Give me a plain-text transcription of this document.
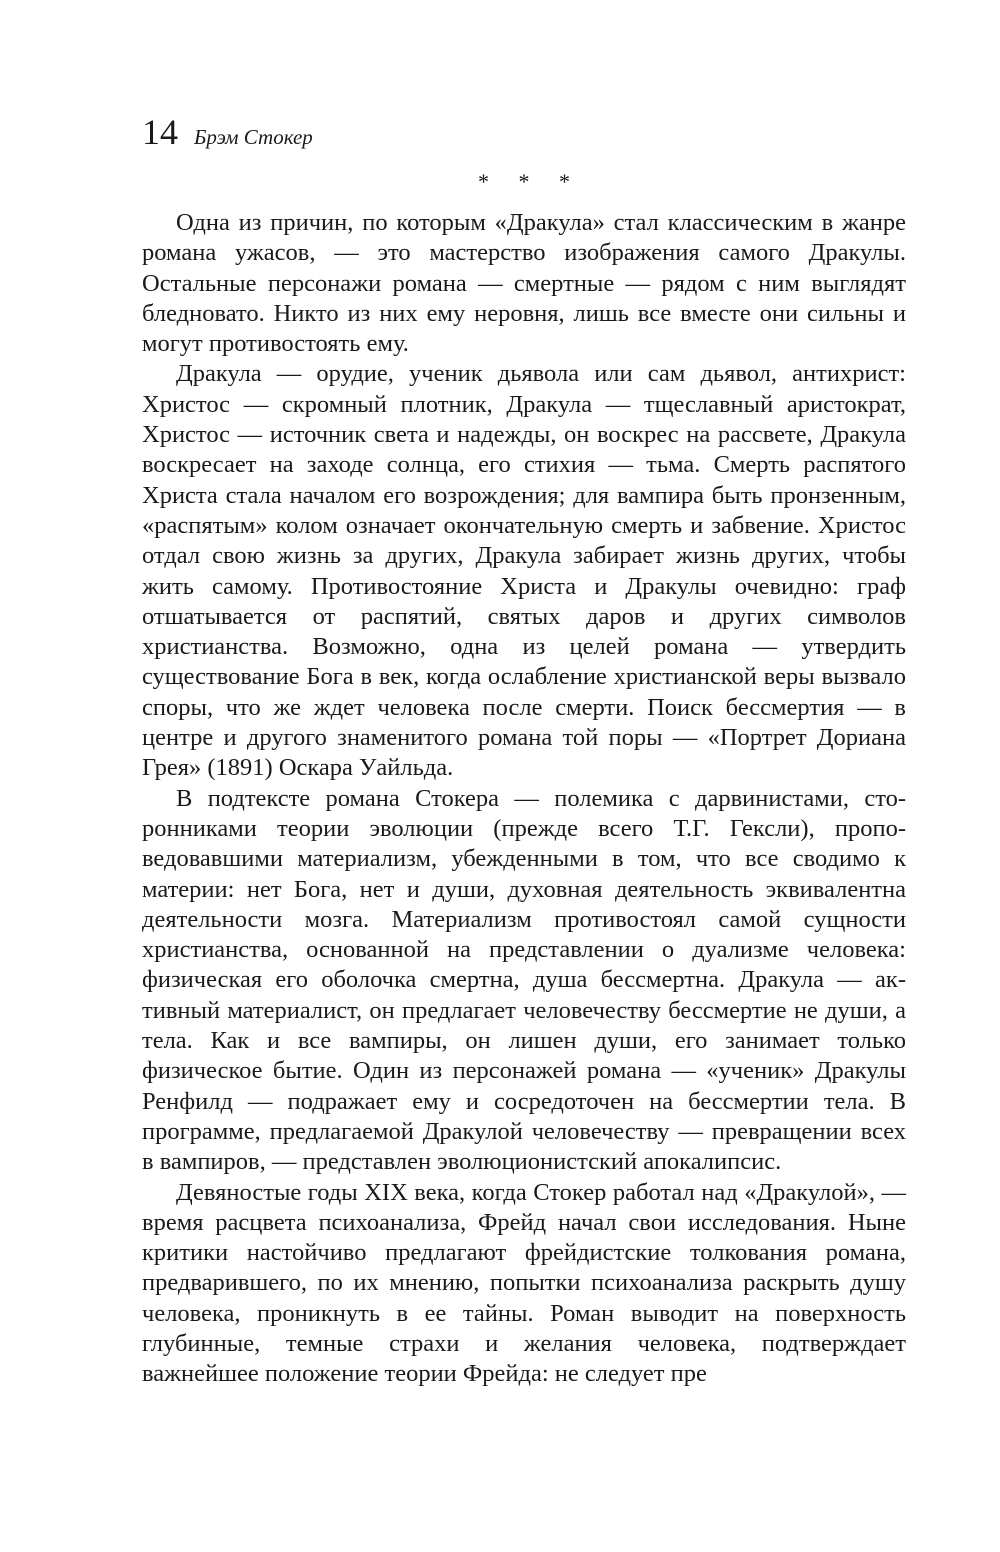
14 Брэм Стокер
* * *

Одна из причин, по которым «Дракула» стал классическим в жанре романа ужасов, — это мастерство изображения самого Дракулы. Остальные персонажи романа — смертные — рядом с ним выглядят бледновато. Никто из них ему неровня, лишь все вместе они сильны и могут противостоять ему.

Дракула — орудие, ученик дьявола или сам дьявол, антихрист: Христос — скромный плотник, Дракула — тщеславный аристократ, Христос — источник света и надежды, он воскрес на рассвете, Дракула воскресает на заходе солнца, его стихия — тьма. Смерть распятого Христа стала началом его возрождения; для вампира быть пронзенным, «распятым» колом означает окончательную смерть и забвение. Христос отдал свою жизнь за других, Дракула забирает жизнь других, чтобы жить самому. Противостояние Христа и Дракулы очевидно: граф отшатывается от распятий, святых даров и других символов христианства. Возможно, одна из целей романа — утвердить существование Бога в век, когда ослабление христианской веры вызвало споры, что же ждет человека после смерти. Поиск бессмертия — в центре и другого знаменитого романа той поры — «Портрет Дориана Грея» (1891) Оскара Уайльда.

В подтексте романа Стокера — полемика с дарвинистами, сторонниками теории эволюции (прежде всего Т.Г. Гексли), проповедовавшими материализм, убежденными в том, что все сводимо к материи: нет Бога, нет и души, духовная деятельность эквивалентна деятельности мозга. Материализм противостоял самой сущности христианства, основанной на представлении о дуализме человека: физическая его оболочка смертна, душа бессмертна. Дракула — активный материалист, он предлагает человечеству бессмертие не души, а тела. Как и все вампиры, он лишен души, его занимает только физическое бытие. Один из персонажей романа — «ученик» Дракулы Ренфилд — подражает ему и сосредоточен на бессмертии тела. В программе, предлагаемой Дракулой человечеству — превращении всех в вампиров, — представлен эволюционистский апокалипсис.

Девяностые годы XIX века, когда Стокер работал над «Дракулой», — время расцвета психоанализа, Фрейд начал свои исследования. Ныне критики настойчиво предлагают фрейдистские толкования романа, предварившего, по их мнению, попытки психоанализа раскрыть душу человека, проникнуть в ее тайны. Роман выводит на поверхность глубинные, темные страхи и желания человека, подтверждает важнейшее положение теории Фрейда: не следует пре
